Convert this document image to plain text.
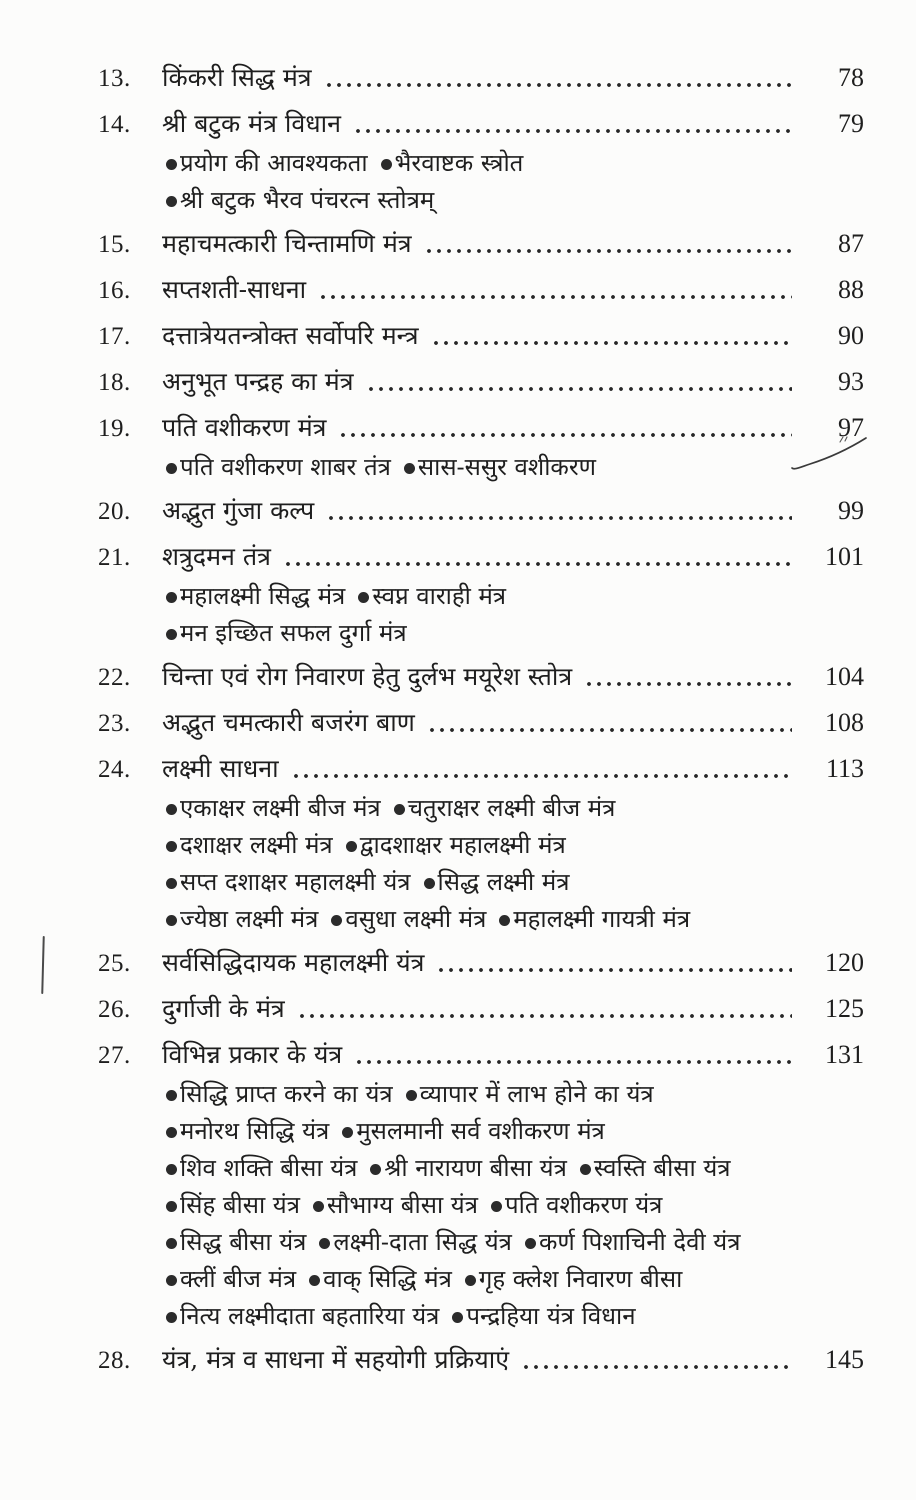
13.	किंकरी सिद्ध मंत्र	78
14.	श्री बटुक मंत्र विधान	79
प्रयोग की आवश्यकता भैरवाष्टक स्त्रोत
श्री बटुक भैरव पंचरत्न स्तोत्रम्
15.	महाचमत्कारी चिन्तामणि मंत्र	87
16.	सप्तशती-साधना	88
17.	दत्तात्रेयतन्त्रोक्त सर्वोपरि मन्त्र	90
18.	अनुभूत पन्द्रह का मंत्र	93
19.	पति वशीकरण मंत्र	97
पति वशीकरण शाबर तंत्र सास-ससुर वशीकरण
20.	अद्भुत गुंजा कल्प	99
21.	शत्रुदमन तंत्र	101
महालक्ष्मी सिद्ध मंत्र स्वप्न वाराही मंत्र
मन इच्छित सफल दुर्गा मंत्र
22.	चिन्ता एवं रोग निवारण हेतु दुर्लभ मयूरेश स्तोत्र	104
23.	अद्भुत चमत्कारी बजरंग बाण	108
24.	लक्ष्मी साधना	113
एकाक्षर लक्ष्मी बीज मंत्र चतुराक्षर लक्ष्मी बीज मंत्र
दशाक्षर लक्ष्मी मंत्र द्वादशाक्षर महालक्ष्मी मंत्र
सप्त दशाक्षर महालक्ष्मी यंत्र सिद्ध लक्ष्मी मंत्र
ज्येष्ठा लक्ष्मी मंत्र वसुधा लक्ष्मी मंत्र महालक्ष्मी गायत्री मंत्र
25.	सर्वसिद्धिदायक महालक्ष्मी यंत्र	120
26.	दुर्गाजी के मंत्र	125
27.	विभिन्न प्रकार के यंत्र	131
सिद्धि प्राप्त करने का यंत्र व्यापार में लाभ होने का यंत्र
मनोरथ सिद्धि यंत्र मुसलमानी सर्व वशीकरण मंत्र
शिव शक्ति बीसा यंत्र श्री नारायण बीसा यंत्र स्वस्ति बीसा यंत्र
सिंह बीसा यंत्र सौभाग्य बीसा यंत्र पति वशीकरण यंत्र
सिद्ध बीसा यंत्र लक्ष्मी-दाता सिद्ध यंत्र कर्ण पिशाचिनी देवी यंत्र
क्लीं बीज मंत्र वाक् सिद्धि मंत्र गृह क्लेश निवारण बीसा
नित्य लक्ष्मीदाता बहतारिया यंत्र पन्द्रहिया यंत्र विधान
28.	यंत्र, मंत्र व साधना में सहयोगी प्रक्रियाएं	145
